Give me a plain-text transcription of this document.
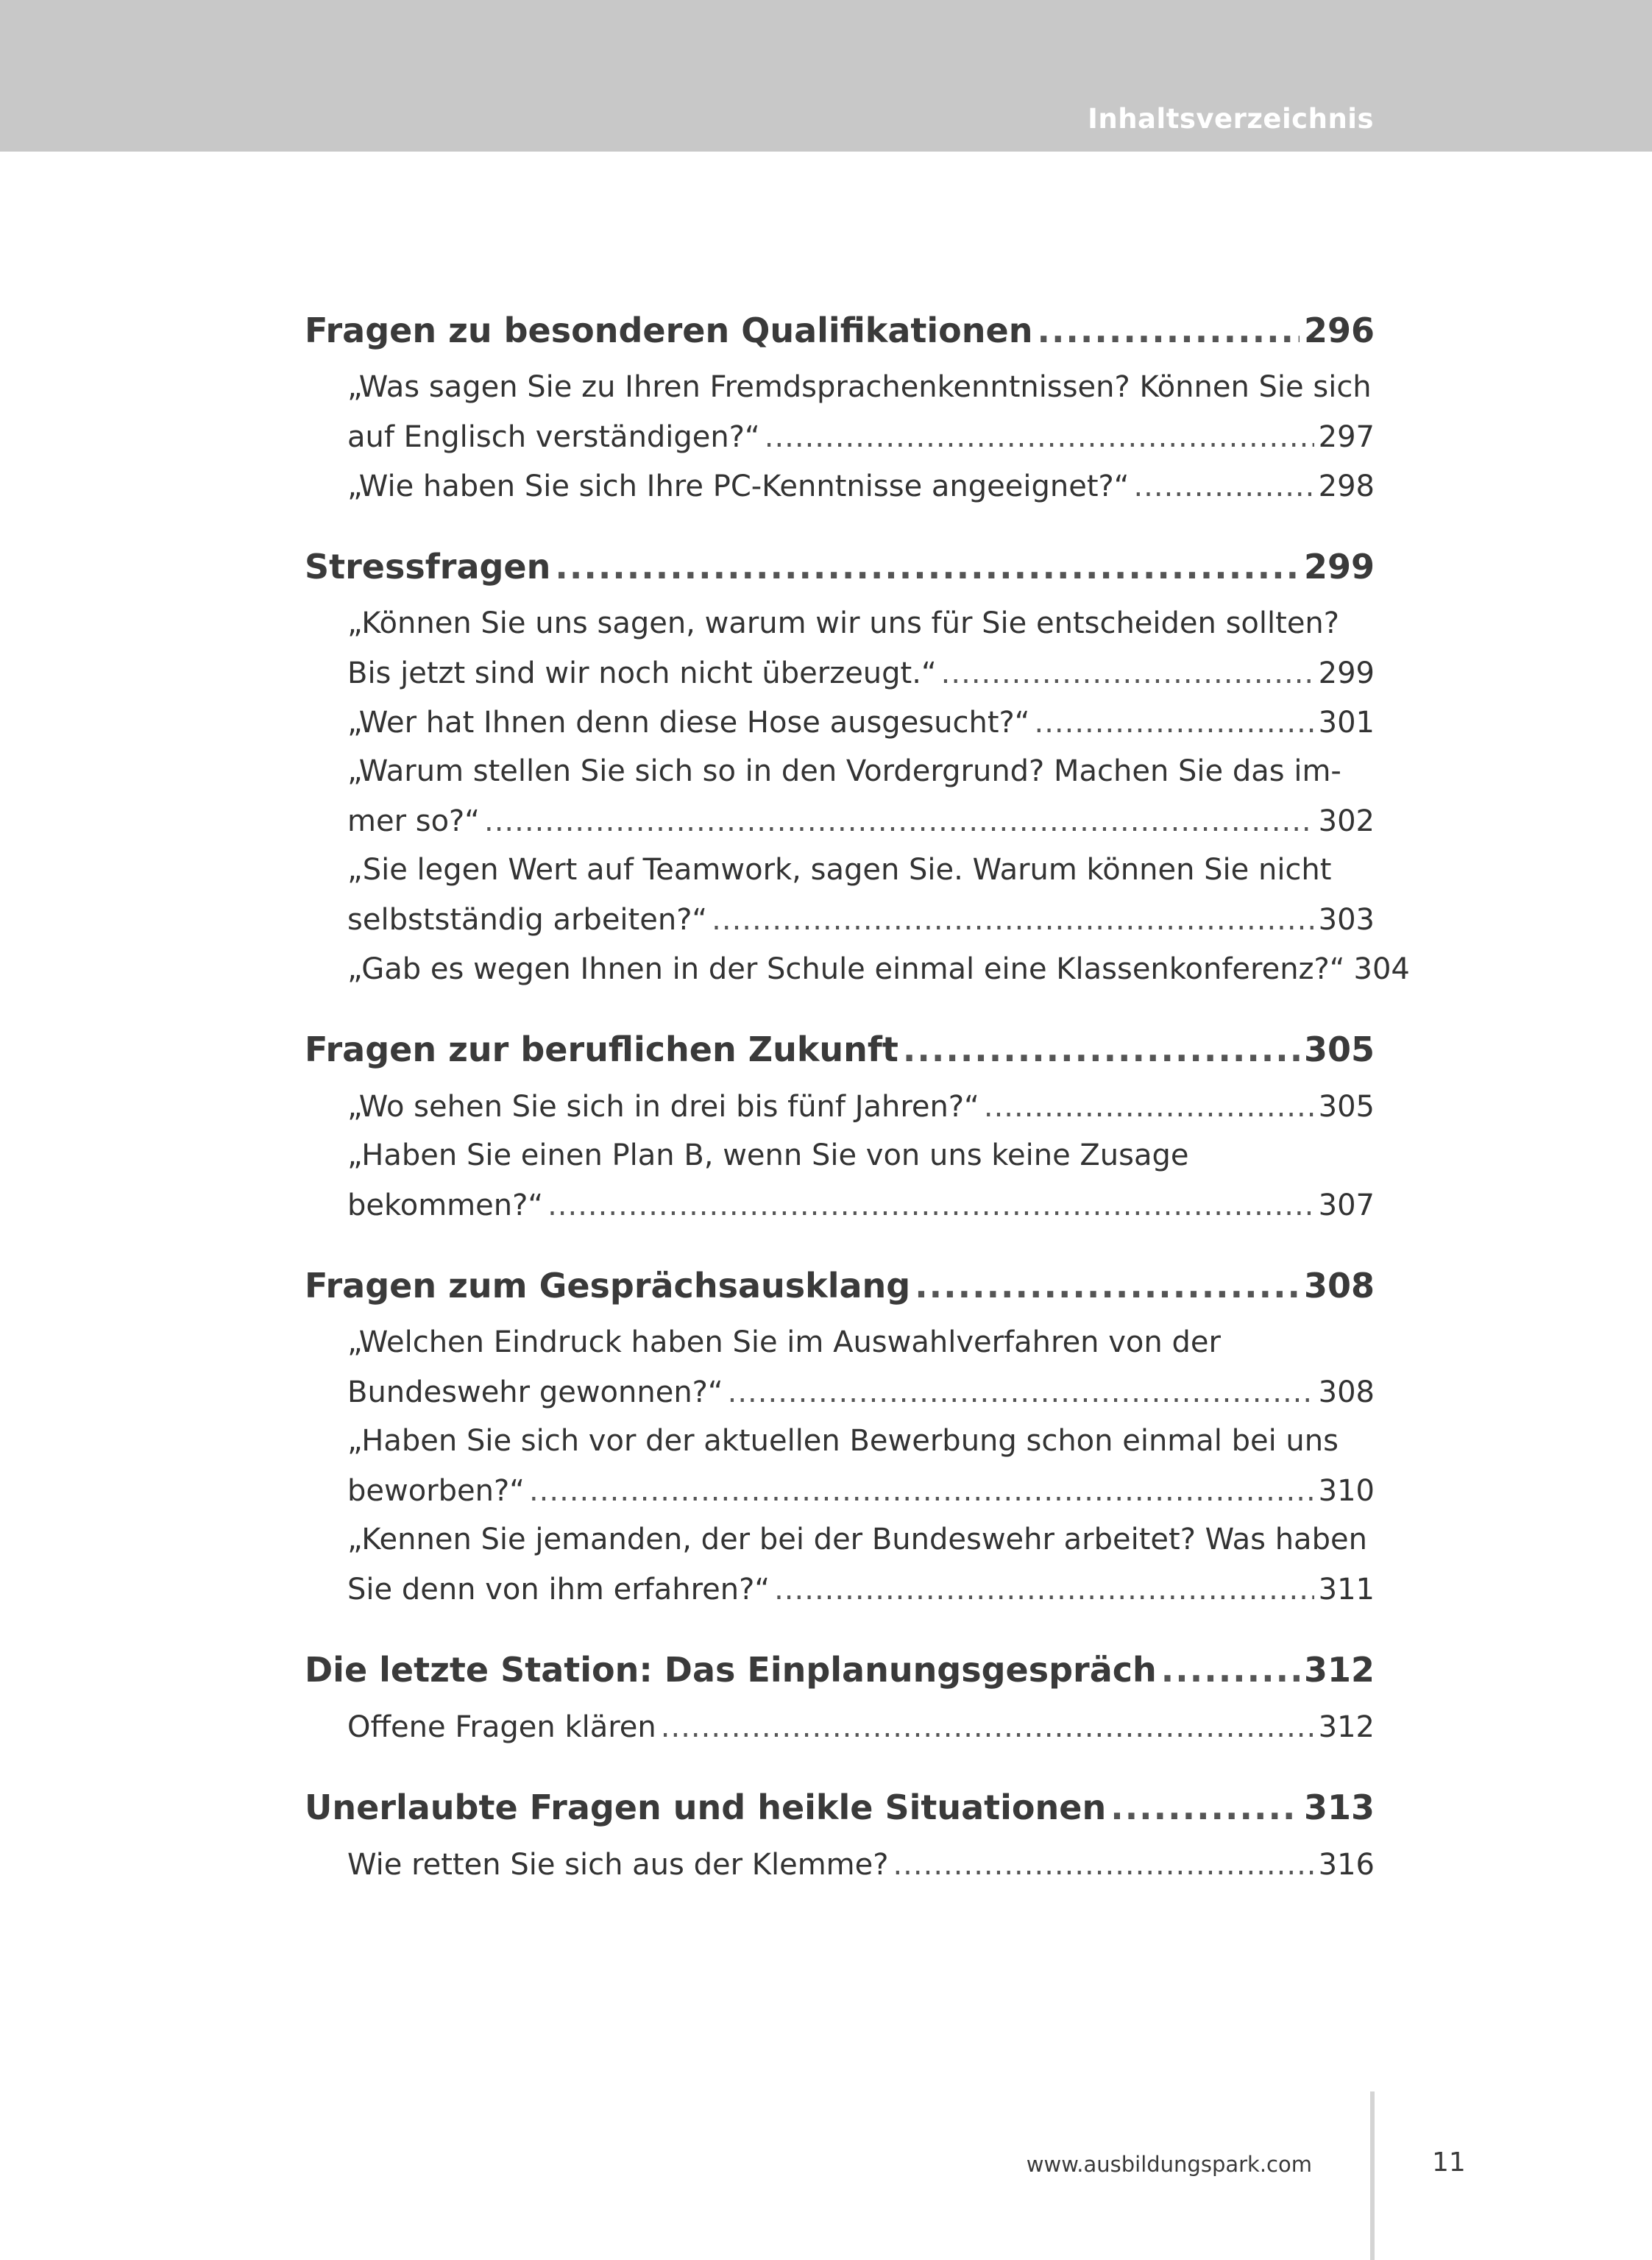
Inhaltsverzeichnis
Fragen zu besonderen Qualifikationen .....	296
„Was sagen Sie zu Ihren Fremdsprachenkenntnissen? Können Sie sich
auf Englisch verständigen?“ .....	297
„Wie haben Sie sich Ihre PC-Kenntnisse angeeignet?“ .....	298
Stressfragen .....	299
„Können Sie uns sagen, warum wir uns für Sie entscheiden sollten?
Bis jetzt sind wir noch nicht überzeugt.“ .....	299
„Wer hat Ihnen denn diese Hose ausgesucht?“ .....	301
„Warum stellen Sie sich so in den Vordergrund? Machen Sie das im-
mer so?“ .....	302
„Sie legen Wert auf Teamwork, sagen Sie. Warum können Sie nicht
selbstständig arbeiten?“ .....	303
„Gab es wegen Ihnen in der Schule einmal eine Klassenkonferenz?“ 304
Fragen zur beruflichen Zukunft .....	305
„Wo sehen Sie sich in drei bis fünf Jahren?“ .....	305
„Haben Sie einen Plan B, wenn Sie von uns keine Zusage
bekommen?“ .....	307
Fragen zum Gesprächsausklang .....	308
„Welchen Eindruck haben Sie im Auswahlverfahren von der
Bundeswehr gewonnen?“ .....	308
„Haben Sie sich vor der aktuellen Bewerbung schon einmal bei uns
beworben?“ .....	310
„Kennen Sie jemanden, der bei der Bundeswehr arbeitet? Was haben
Sie denn von ihm erfahren?“ .....	311
Die letzte Station: Das Einplanungsgespräch .....	312
Offene Fragen klären .....	312
Unerlaubte Fragen und heikle Situationen .....	313
Wie retten Sie sich aus der Klemme? .....	316
www.ausbildungspark.com	11
